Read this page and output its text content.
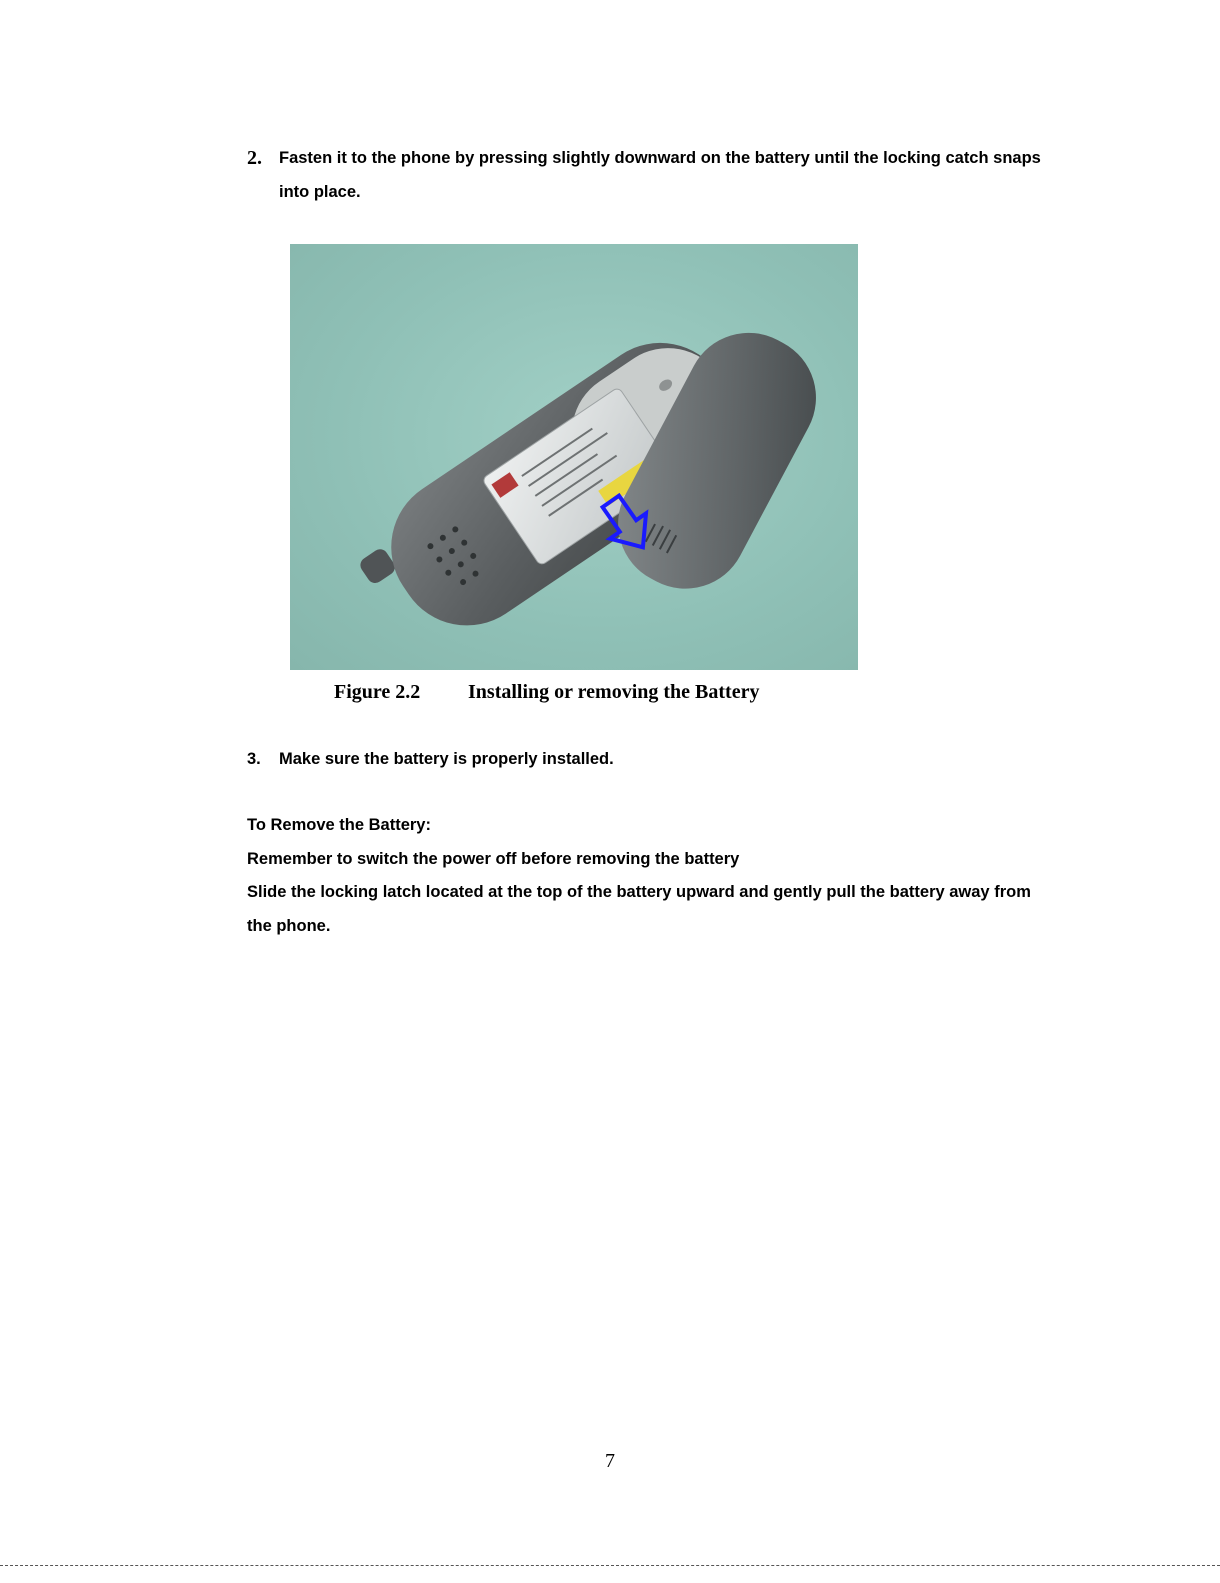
2. Fasten it to the phone by pressing slightly downward on the battery until the locking catch snaps into place.
Figure 2.2 Installing or removing the Battery
3. Make sure the battery is properly installed.

To Remove the Battery:

Remember to switch the power off before removing the battery

Slide the locking latch located at the top of the battery upward and gently pull the battery away from the phone.

7
